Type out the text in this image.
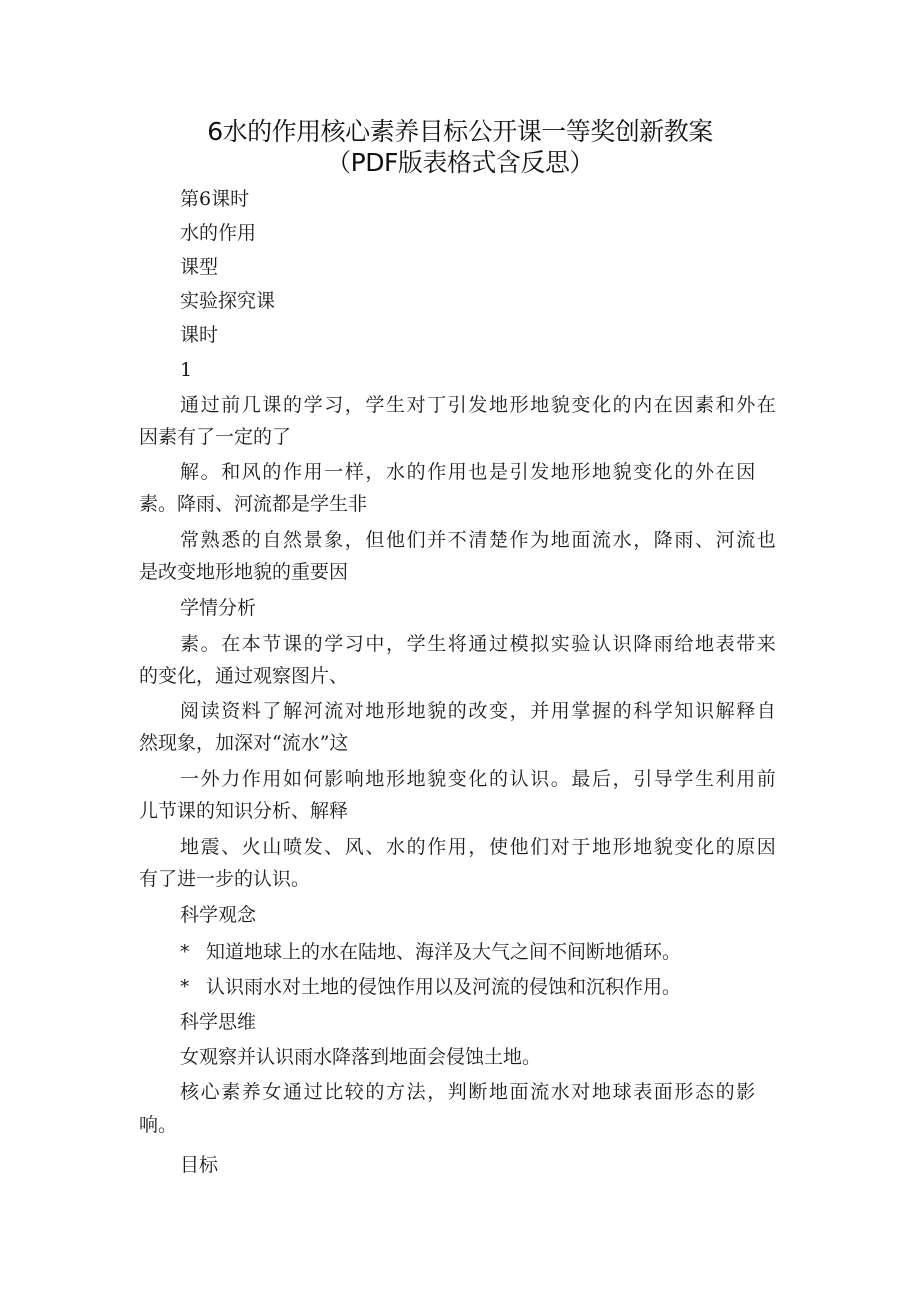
6水的作用核心素养目标公开课一等奖创新教案
（PDF版表格式含反思）
第6课时
水的作用
课型
实验探究课
课时
1
通过前几课的学习，学生对丁引发地形地貌变化的内在因素和外在
因素有了一定的了
解。和风的作用一样，水的作用也是引发地形地貌变化的外在因
素。降雨、河流都是学生非
常熟悉的自然景象，但他们并不清楚作为地面流水，降雨、河流也
是改变地形地貌的重要因
学情分析
素。在本节课的学习中，学生将通过模拟实验认识降雨给地表带来
的变化，通过观察图片、
阅读资料了解河流对地形地貌的改变，并用掌握的科学知识解释自
然现象，加深对“流水”这
一外力作用如何影响地形地貌变化的认识。最后，引导学生利用前
儿节课的知识分析、解释
地震、火山喷发、风、水的作用，使他们对于地形地貌变化的原因
有了进一步的认识。
科学观念
* 知道地球上的水在陆地、海洋及大气之间不间断地循环。
* 认识雨水对土地的侵蚀作用以及河流的侵蚀和沉积作用。
科学思维
女观察并认识雨水降落到地面会侵蚀土地。
核心素养女通过比较的方法，判断地面流水对地球表面形态的影
响。
目标
